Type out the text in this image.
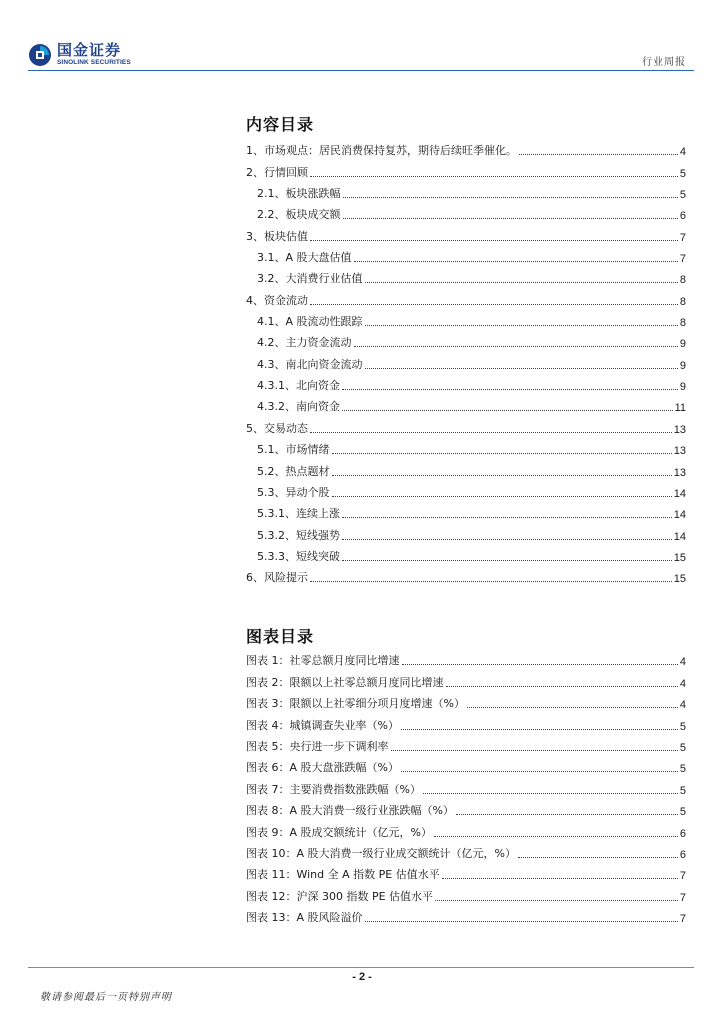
国金证券
SINOLINK SECURITIES	行业周报
内容目录
1、市场观点：居民消费保持复苏，期待后续旺季催化。	4
2、行情回顾	5
2.1、板块涨跌幅	5
2.2、板块成交额	6
3、板块估值	7
3.1、A 股大盘估值	7
3.2、大消费行业估值	8
4、资金流动	8
4.1、A 股流动性跟踪	8
4.2、主力资金流动	9
4.3、南北向资金流动	9
4.3.1、北向资金	9
4.3.2、南向资金	11
5、交易动态	13
5.1、市场情绪	13
5.2、热点题材	13
5.3、异动个股	14
5.3.1、连续上涨	14
5.3.2、短线强势	14
5.3.3、短线突破	15
6、风险提示	15
图表目录
图表 1：社零总额月度同比增速	4
图表 2：限额以上社零总额月度同比增速	4
图表 3：限额以上社零细分项月度增速（%）	4
图表 4：城镇调查失业率（%）	5
图表 5：央行进一步下调利率	5
图表 6：A 股大盘涨跌幅（%）	5
图表 7：主要消费指数涨跌幅（%）	5
图表 8：A 股大消费一级行业涨跌幅（%）	5
图表 9：A 股成交额统计（亿元，%）	6
图表 10：A 股大消费一级行业成交额统计（亿元，%）	6
图表 11：Wind 全 A 指数 PE 估值水平	7
图表 12：沪深 300 指数 PE 估值水平	7
图表 13：A 股风险溢价	7
- 2 -
敬请参阅最后一页特别声明
